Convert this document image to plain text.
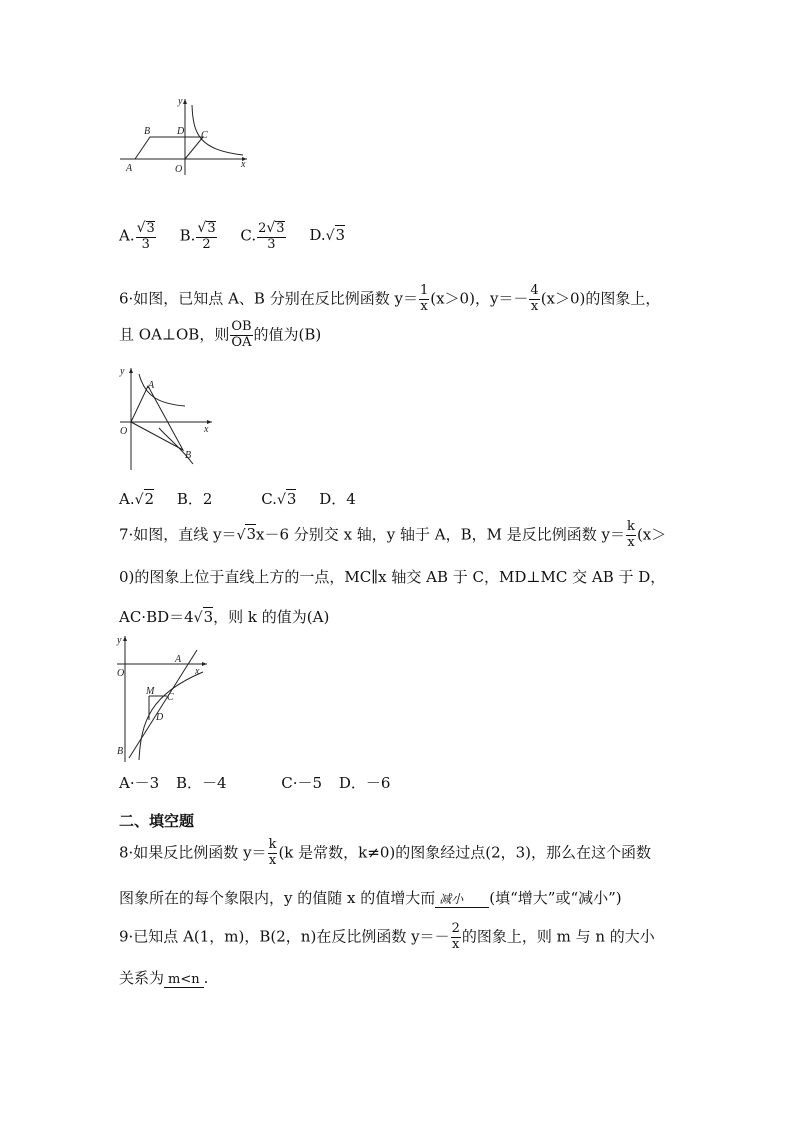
y
x
B	D C
A	O
A. $\frac{√3}{3} B$. $\frac{√3}{2} C$. $\frac{2√3}{3} D.√3$
6·如图，已知点 A、B 分别在反比例函数 $y= \frac{1}{x} (x>0)$，$y=- \frac{4}{x} (x>0)$的图象上，
且 OA⊥OB，则 $\frac{OB}{OA}$ 的值为(B)
y
A
O	x
B
A.√2 B．2	C.√3 D．4
7·如图，直线 y＝√3x－6 分别交 x 轴，y 轴于 A，B，M 是反比例函数 $y= \frac{k}{x} (x>$
0)的图象上位于直线上方的一点，MC∥x 轴交 AB 于 C，MD⊥MC 交 AB 于 D，
AC·BD＝4√3，则 k 的值为(A)
y
O
A
x
M
C
D
B
A·－3 B．－4	C·－5 D．－6
二、填空题
8·如果反比例函数 $y= \frac{k}{x} (k$ 是常数，k≠0)的图象经过点(2，3)，那么在这个函数
图象所在的每个象限内，y 的值随 x 的值增大而 减小 (填“增大”或“减小”)
9·已知点 A(1，m)，B(2，n)在反比例函数 $y=- \frac{2}{x}$ 的图象上，则 m 与 n 的大小
关系为 m<n .
